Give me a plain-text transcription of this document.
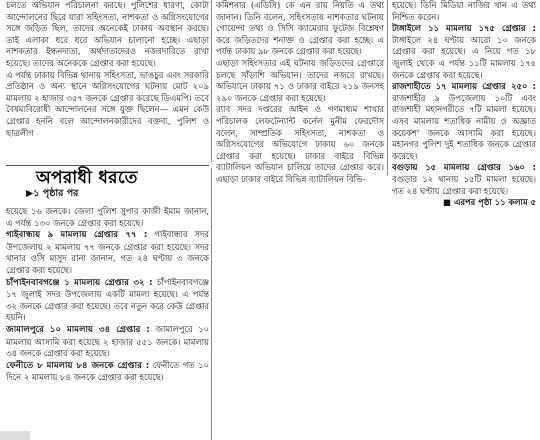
চলতে অভিযান পরিচালনা করছে। পুলিশের ধারণা, কোটা আন্দোলনের ছিরে যারা সহিংসতা, নাশকতা ও অগ্নিসংযোগের সঙ্গে জড়িত ছিল, তাদের অনেকেই ঢাকায় অবস্থান করছে। তাই এলাকা ধরে ধরে অভিযান চালানো হচ্ছে। এছাড়া নাশকতার ইন্ধনদাতা, অর্থদাতাদেরও নজরদারিতে রাখা হয়েছে। তাদের অনেককে গ্রেপ্তার করা হয়েছে।

এ পর্যন্ত ঢাকায় বিভিন্ন থানায় সহিংসতা, ভাঙচুর এবং সরকারি প্রতিষ্ঠান ও অন্য স্থানে অগ্নিসংযোগের ঘটনায় মোট ২০৯ মামলায় ২ হাজার ৩৫৭ জনকে গ্রেপ্তার করেছে ডিএমপি। তবে বৈষম্যবিরোধী আন্দোলনের সঙ্গে যুক্ত ছিলেন— এমন কেউ গ্রেপ্তার হননি বলে আন্দোলনকারীদের বক্তব্য, পুলিশ ও ছাত্রলীগ

কমিশনার (এডিসি) কে এন রায় নিয়তি এ তথ্য জানান। তিনি বলেন, সহিংসতায় নাশকতার ঘটনায় গোয়েন্দা তথ্য ও সিসি ক্যামেরার ফুটেজ বিশ্লেষণ করে জড়িতদের শনাক্ত ও গ্রেপ্তার করা হচ্ছে। এ পর্যন্ত ঢাকায় ৯৮ জনকে গ্রেপ্তার করা হয়েছে।

এছাড়া সহিংসতার এই ঘটনায় জড়িতদের গ্রেপ্তারে চলছে সাঁড়াশি অভিযান। তাদের নজরে রাখছে। অভিযানে ঢাকায় ৭১ ও ঢাকার বাইরে ২১৯ জনসহ ২৯০ জনকে গ্রেপ্তার করা হয়েছে।

র‌্যাব সদর দপ্তরের আইন ও গণমাধ্যম শাখার পরিচালক লেফটেন্যান্ট কর্নেল মুনীম ফেরদৌস বলেন, সাম্প্রতিক সহিংসতা, নাশকতা ও অগ্নিসংযোগের অভিযোগে ঢাকায় ৬০ জনকে গ্রেপ্তার করা হয়েছে। ঢাকার বাইরে বিভিন্ন ব্যাটালিয়ন অভিযান চালিয়ে তাদের গ্রেপ্তার করে। এছাড়া ঢাকার বাইরে বিভিন্ন ব্যাটালিয়ন বিভি-

হয়েছে। তিনি মিডিয়া নাজির খান এ তথ্য নিশ্চিত করেন।

টাঙ্গাইলে ১১ মামলায় ১৭৫ গ্রেপ্তার : টাঙ্গাইলে ২৪ ঘণ্টায় আরো ১০ জনকে গ্রেপ্তার করা হয়েছে। এ নিয়ে গত ১৮ জুলাই থেকে এ পর্যন্ত ১১টি মামলায় ১৭৫ জনকে গ্রেপ্তার করা হয়েছে।

রাজশাহীতে ১৭ মামলায় গ্রেপ্তার ২৫০ : রাজশাহীর ৯ উপজেলায় ১০টি এবং রাজশাহী মহানগরীতে ৭টি মামলা হয়েছে। এসব মামলায় শতাধিক নামীয় ও অজ্ঞাত কয়েকশ' জনকে আসামি করা হয়েছে। মহানগর পুলিশ দুই শতাধিক জনকে গ্রেপ্তার করেছে।

বগুড়ায় ১৫ মামলায় গ্রেপ্তার ১৬০ : বগুড়ার ১২ থানায় ১৫টি মামলা হয়েছে। গত ২৪ ঘণ্টায় গ্রেপ্তার করা হয়েছে।

■ এরপর পৃষ্ঠা ১১ কলাম ৫

অপরাধী ধরতে
▶১ পৃষ্ঠার পর

হয়েছে ১৬ জনকে। জেলা পুলিশ সুপার কাজী ইমাম জানান, এ পর্যন্ত ১৩০ জনকে গ্রেপ্তার করা হয়েছে।

গাইবান্ধায় ৯ মামলায় গ্রেপ্তার ৭৭ : গাইবান্ধার সদর উপজেলায় ২ মামলায় ৭৭ জনকে গ্রেপ্তার করা হয়েছে। সদর থানার ওসি মাসুদ রানা জানান, গত ২৪ ঘণ্টায় ৩ জনকে গ্রেপ্তার করা হয়েছে।

চাঁপাইনবাবগঞ্জে ১ মামলায় গ্রেপ্তার ৩২ : চাঁপাইনবাবগঞ্জে ১৭ জুলাই সদর উপজেলায় একটি মামলা হয়েছে। এ পর্যন্ত ৩২ জনকে গ্রেপ্তার করা হয়েছে। তবে নতুন করে কেউ গ্রেপ্তার হয়নি।

জামালপুরে ১০ মামলায় ৩৪ গ্রেপ্তার : জামালপুরে ১০ মামলায় আসামি করা হয়েছে ২ হাজার ৫৫১ জনকে। মামলায় ৩৪ জনকে গ্রেপ্তার করা হয়েছে।

ফেনীতে ৮ মামলায় ৮৪ জনকে গ্রেপ্তার : ফেনীতে গত ১০ দিনে ২ মামলায় ৮৪ জনকে গ্রেপ্তার করা হয়েছে।
